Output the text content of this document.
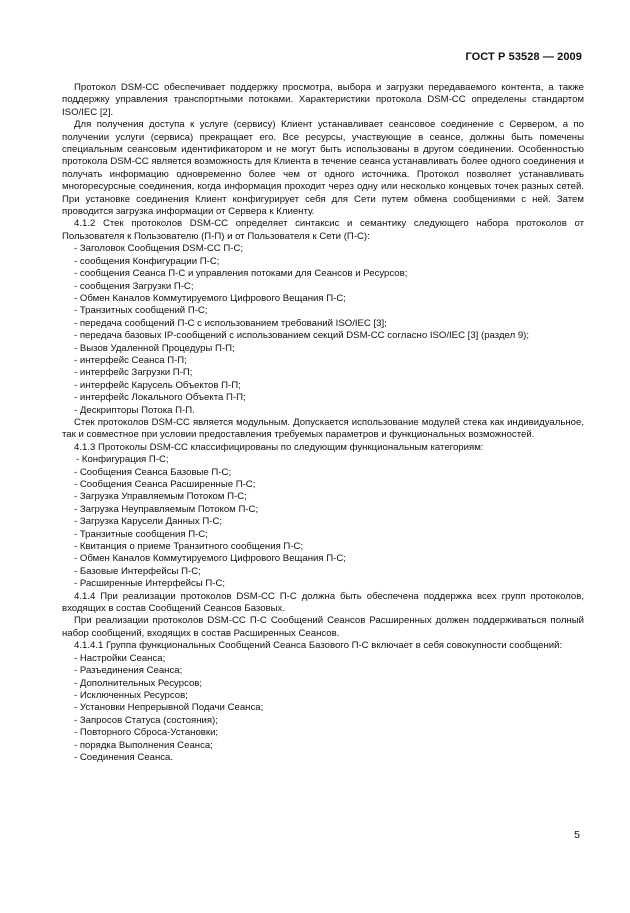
ГОСТ Р 53528 — 2009

Протокол DSM-CC обеспечивает поддержку просмотра, выбора и загрузки передаваемого контента, а также поддержку управления транспортными потоками. Характеристики протокола DSM-CC определены стандартом ISO/IEC [2].

Для получения доступа к услуге (сервису) Клиент устанавливает сеансовое соединение с Сервером, а по получении услуги (сервиса) прекращает его. Все ресурсы, участвующие в сеансе, должны быть помечены специальным сеансовым идентификатором и не могут быть использованы в другом соединении. Особенностью протокола DSM-CC является возможность для Клиента в течение сеанса устанавливать более одного соединения и получать информацию одновременно более чем от одного источника. Протокол позволяет устанавливать многоресурсные соединения, когда информация проходит через одну или несколько концевых точек разных сетей. При установке соединения Клиент конфигурирует себя для Сети путем обмена сообщениями с ней. Затем проводится загрузка информации от Сервера к Клиенту.

4.1.2 Стек протоколов DSM-CC определяет синтаксис и семантику следующего набора протоколов от Пользователя к Пользователю (П-П) и от Пользователя к Сети (П-С):

- Заголовок Сообщения DSM-CC П-С;

- сообщения Конфигурации П-С;

- сообщения Сеанса П-С и управления потоками для Сеансов и Ресурсов;

- сообщения Загрузки П-С;

- Обмен Каналов Коммутируемого Цифрового Вещания П-С;

- Транзитных сообщений П-С;

- передача сообщений П-С с использованием требований ISO/IEC [3];

- передача базовых IP-сообщений с использованием секций DSM-CC согласно ISO/IEC [3] (раздел 9);

- Вызов Удаленной Процедуры П-П;

- интерфейс Сеанса П-П;

- интерфейс Загрузки П-П;

- интерфейс Карусель Объектов П-П;

- интерфейс Локального Объекта П-П;

- Дескрипторы Потока П-П.

Стек протоколов DSM-CC является модульным. Допускается использование модулей стека как индивидуальное, так и совместное при условии предоставления требуемых параметров и функциональных возможностей.

4.1.3 Протоколы DSM-CC классифицированы по следующим функциональным категориям:

- Конфигурация П-С;

- Сообщения Сеанса Базовые П-С;

- Сообщения Сеанса Расширенные П-С;

- Загрузка Управляемым Потоком П-С;

- Загрузка Неуправляемым Потоком П-С;

- Загрузка Карусели Данных П-С;

- Транзитные сообщения П-С;

- Квитанция о приеме Транзитного сообщения П-С;

- Обмен Каналов Коммутируемого Цифрового Вещания П-С;

- Базовые Интерфейсы П-С;

- Расширенные Интерфейсы П-С;

4.1.4 При реализации протоколов DSM-CC П-С должна быть обеспечена поддержка всех групп протоколов, входящих в состав Сообщений Сеансов Базовых.

При реализации протоколов DSM-CC П-С Сообщений Сеансов Расширенных должен поддерживаться полный набор сообщений, входящих в состав Расширенных Сеансов.

4.1.4.1 Группа функциональных Сообщений Сеанса Базового П-С включает в себя совокупности сообщений:

- Настройки Сеанса;

- Разъединения Сеанса;

- Дополнительных Ресурсов;

- Исключенных Ресурсов;

- Установки Непрерывной Подачи Сеанса;

- Запросов Статуса (состояния);

- Повторного Сброса-Установки;

- порядка Выполнения Сеанса;

- Соединения Сеанса.

5
